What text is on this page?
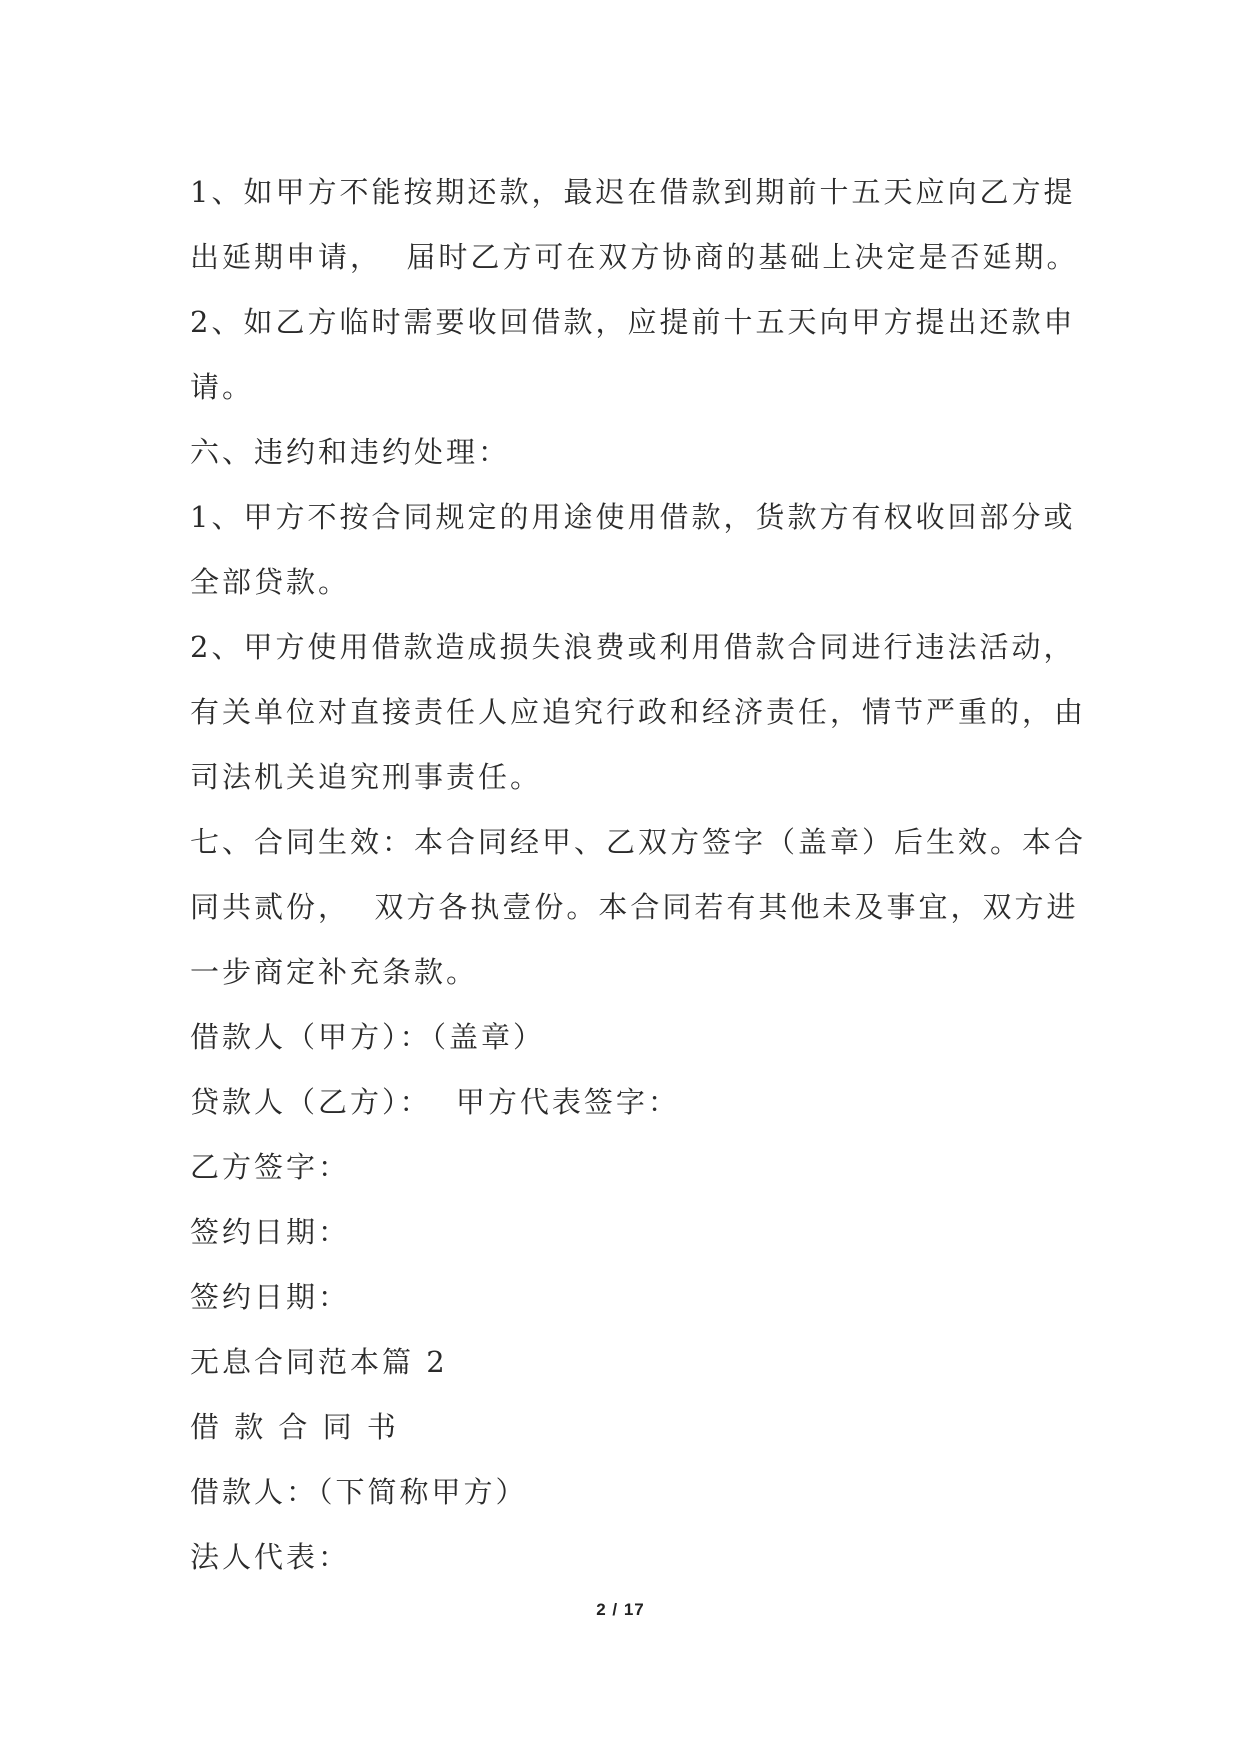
1、如甲方不能按期还款，最迟在借款到期前十五天应向乙方提
出延期申请，  届时乙方可在双方协商的基础上决定是否延期。
2、如乙方临时需要收回借款，应提前十五天向甲方提出还款申
请。
六、违约和违约处理：
1、甲方不按合同规定的用途使用借款，货款方有权收回部分或
全部贷款。
2、甲方使用借款造成损失浪费或利用借款合同进行违法活动，
有关单位对直接责任人应追究行政和经济责任，情节严重的，由
司法机关追究刑事责任。
七、合同生效：本合同经甲、乙双方签字（盖章）后生效。本合
同共贰份，  双方各执壹份。本合同若有其他未及事宜，双方进
一步商定补充条款。
借款人（甲方）：（盖章）
贷款人（乙方）：  甲方代表签字：
乙方签字：
签约日期：
签约日期：
无息合同范本篇 2
借 款 合 同 书
借款人：（下简称甲方）
法人代表：
2 / 17
